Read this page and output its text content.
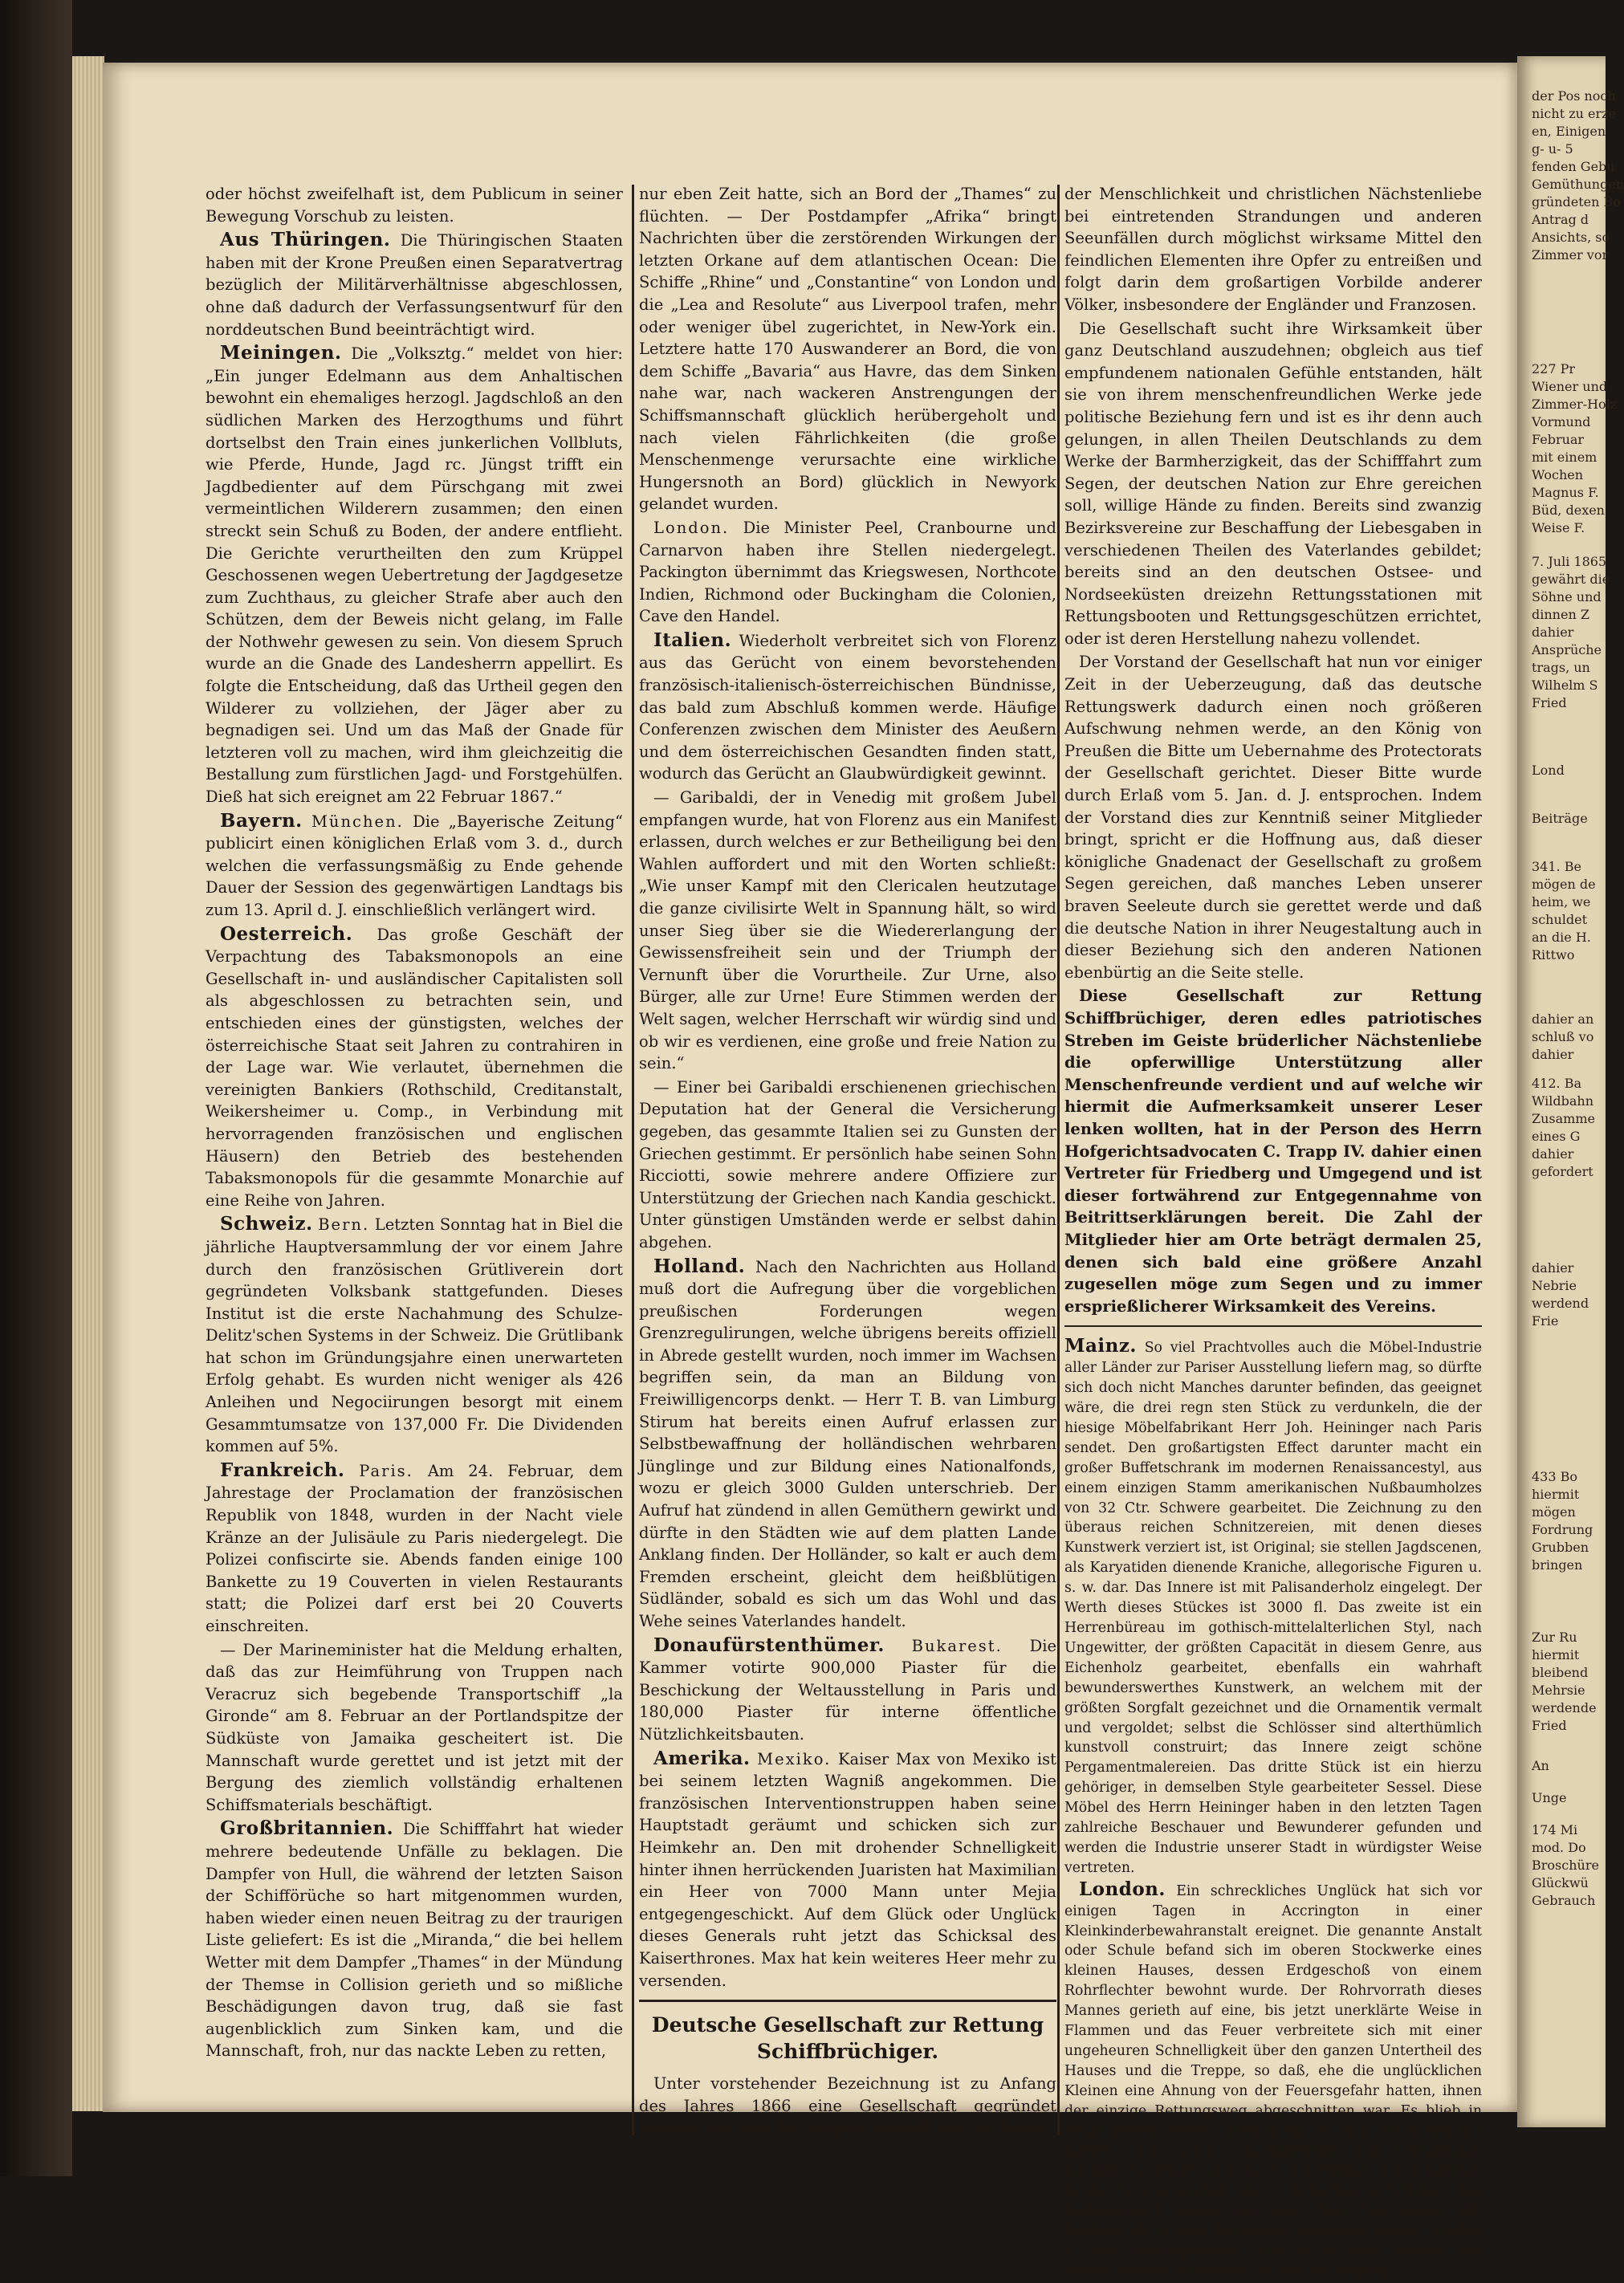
oder höchst zweifelhaft ist, dem Publicum in seiner Bewegung Vorschub zu leisten.

Aus Thüringen. Die Thüringischen Staaten haben mit der Krone Preußen einen Separatvertrag bezüglich der Militärverhältnisse abgeschlossen, ohne daß dadurch der Verfassungsentwurf für den norddeutschen Bund beeinträchtigt wird.

Meiningen. Die „Volksztg.“ meldet von hier: „Ein junger Edelmann aus dem Anhaltischen bewohnt ein ehemaliges herzogl. Jagdschloß an den südlichen Marken des Herzogthums und führt dortselbst den Train eines junkerlichen Vollbluts, wie Pferde, Hunde, Jagd rc. Jüngst trifft ein Jagdbedienter auf dem Pürschgang mit zwei vermeintlichen Wilderern zusammen; den einen streckt sein Schuß zu Boden, der andere entflieht. Die Gerichte verurtheilten den zum Krüppel Geschossenen wegen Uebertretung der Jagdgesetze zum Zuchthaus, zu gleicher Strafe aber auch den Schützen, dem der Beweis nicht gelang, im Falle der Nothwehr gewesen zu sein. Von diesem Spruch wurde an die Gnade des Landesherrn appellirt. Es folgte die Entscheidung, daß das Urtheil gegen den Wilderer zu vollziehen, der Jäger aber zu begnadigen sei. Und um das Maß der Gnade für letzteren voll zu machen, wird ihm gleichzeitig die Bestallung zum fürstlichen Jagd- und Forstgehülfen. Dieß hat sich ereignet am 22 Februar 1867.“

Bayern. München. Die „Bayerische Zeitung“ publicirt einen königlichen Erlaß vom 3. d., durch welchen die verfassungsmäßig zu Ende gehende Dauer der Session des gegenwärtigen Landtags bis zum 13. April d. J. einschließlich verlängert wird.

Oesterreich. Das große Geschäft der Verpachtung des Tabaksmonopols an eine Gesellschaft in- und ausländischer Capitalisten soll als abgeschlossen zu betrachten sein, und entschieden eines der günstigsten, welches der österreichische Staat seit Jahren zu contrahiren in der Lage war. Wie verlautet, übernehmen die vereinigten Bankiers (Rothschild, Creditanstalt, Weikersheimer u. Comp., in Verbindung mit hervorragenden französischen und englischen Häusern) den Betrieb des bestehenden Tabaksmonopols für die gesammte Monarchie auf eine Reihe von Jahren.

Schweiz. Bern. Letzten Sonntag hat in Biel die jährliche Hauptversammlung der vor einem Jahre durch den französischen Grütliverein dort gegründeten Volksbank stattgefunden. Dieses Institut ist die erste Nachahmung des Schulze-Delitz'schen Systems in der Schweiz. Die Grütlibank hat schon im Gründungsjahre einen unerwarteten Erfolg gehabt. Es wurden nicht weniger als 426 Anleihen und Negociirungen besorgt mit einem Gesammtumsatze von 137,000 Fr. Die Dividenden kommen auf 5%.

Frankreich. Paris. Am 24. Februar, dem Jahrestage der Proclamation der französischen Republik von 1848, wurden in der Nacht viele Kränze an der Julisäule zu Paris niedergelegt. Die Polizei confiscirte sie. Abends fanden einige 100 Bankette zu 19 Couverten in vielen Restaurants statt; die Polizei darf erst bei 20 Couverts einschreiten.

— Der Marineminister hat die Meldung erhalten, daß das zur Heimführung von Truppen nach Veracruz sich begebende Transportschiff „la Gironde“ am 8. Februar an der Portlandspitze der Südküste von Jamaika gescheitert ist. Die Mannschaft wurde gerettet und ist jetzt mit der Bergung des ziemlich vollständig erhaltenen Schiffsmaterials beschäftigt.

Großbritannien. Die Schifffahrt hat wieder mehrere bedeutende Unfälle zu beklagen. Die Dampfer von Hull, die während der letzten Saison der Schifförüche so hart mitgenommen wurden, haben wieder einen neuen Beitrag zu der traurigen Liste geliefert: Es ist die „Miranda,“ die bei hellem Wetter mit dem Dampfer „Thames“ in der Mündung der Themse in Collision gerieth und so mißliche Beschädigungen davon trug, daß sie fast augenblicklich zum Sinken kam, und die Mannschaft, froh, nur das nackte Leben zu retten,

nur eben Zeit hatte, sich an Bord der „Thames“ zu flüchten. — Der Postdampfer „Afrika“ bringt Nachrichten über die zerstörenden Wirkungen der letzten Orkane auf dem atlantischen Ocean: Die Schiffe „Rhine“ und „Constantine“ von London und die „Lea and Resolute“ aus Liverpool trafen, mehr oder weniger übel zugerichtet, in New-York ein. Letztere hatte 170 Auswanderer an Bord, die von dem Schiffe „Bavaria“ aus Havre, das dem Sinken nahe war, nach wackeren Anstrengungen der Schiffsmannschaft glücklich herübergeholt und nach vielen Fährlichkeiten (die große Menschenmenge verursachte eine wirkliche Hungersnoth an Bord) glücklich in Newyork gelandet wurden.

London. Die Minister Peel, Cranbourne und Carnarvon haben ihre Stellen niedergelegt. Packington übernimmt das Kriegswesen, Northcote Indien, Richmond oder Buckingham die Colonien, Cave den Handel.

Italien. Wiederholt verbreitet sich von Florenz aus das Gerücht von einem bevorstehenden französisch-italienisch-österreichischen Bündnisse, das bald zum Abschluß kommen werde. Häufige Conferenzen zwischen dem Minister des Aeußern und dem österreichischen Gesandten finden statt, wodurch das Gerücht an Glaubwürdigkeit gewinnt.

— Garibaldi, der in Venedig mit großem Jubel empfangen wurde, hat von Florenz aus ein Manifest erlassen, durch welches er zur Betheiligung bei den Wahlen auffordert und mit den Worten schließt: „Wie unser Kampf mit den Clericalen heutzutage die ganze civilisirte Welt in Spannung hält, so wird unser Sieg über sie die Wiedererlangung der Gewissensfreiheit sein und der Triumph der Vernunft über die Vorurtheile. Zur Urne, also Bürger, alle zur Urne! Eure Stimmen werden der Welt sagen, welcher Herrschaft wir würdig sind und ob wir es verdienen, eine große und freie Nation zu sein.“

— Einer bei Garibaldi erschienenen griechischen Deputation hat der General die Versicherung gegeben, das gesammte Italien sei zu Gunsten der Griechen gestimmt. Er persönlich habe seinen Sohn Ricciotti, sowie mehrere andere Offiziere zur Unterstützung der Griechen nach Kandia geschickt. Unter günstigen Umständen werde er selbst dahin abgehen.

Holland. Nach den Nachrichten aus Holland muß dort die Aufregung über die vorgeblichen preußischen Forderungen wegen Grenzregulirungen, welche übrigens bereits offiziell in Abrede gestellt wurden, noch immer im Wachsen begriffen sein, da man an Bildung von Freiwilligencorps denkt. — Herr T. B. van Limburg Stirum hat bereits einen Aufruf erlassen zur Selbstbewaffnung der holländischen wehrbaren Jünglinge und zur Bildung eines Nationalfonds, wozu er gleich 3000 Gulden unterschrieb. Der Aufruf hat zündend in allen Gemüthern gewirkt und dürfte in den Städten wie auf dem platten Lande Anklang finden. Der Holländer, so kalt er auch dem Fremden erscheint, gleicht dem heißblütigen Südländer, sobald es sich um das Wohl und das Wehe seines Vaterlandes handelt.

Donaufürstenthümer. Bukarest. Die Kammer votirte 900,000 Piaster für die Beschickung der Weltausstellung in Paris und 180,000 Piaster für interne öffentliche Nützlichkeitsbauten.

Amerika. Mexiko. Kaiser Max von Mexiko ist bei seinem letzten Wagniß angekommen. Die französischen Interventionstruppen haben seine Hauptstadt geräumt und schicken sich zur Heimkehr an. Den mit drohender Schnelligkeit hinter ihnen herrückenden Juaristen hat Maximilian ein Heer von 7000 Mann unter Mejia entgegengeschickt. Auf dem Glück oder Unglück dieses Generals ruht jetzt das Schicksal des Kaiserthrones. Max hat kein weiteres Heer mehr zu versenden.

Deutsche Gesellschaft zur Rettung Schiffbrüchiger.

Unter vorstehender Bezeichnung ist zu Anfang des Jahres 1866 eine Gesellschaft gegründet worden, die sich die Aufgabe gestellt hat, im Dienst

der Menschlichkeit und christlichen Nächstenliebe bei eintretenden Strandungen und anderen Seeunfällen durch möglichst wirksame Mittel den feindlichen Elementen ihre Opfer zu entreißen und folgt darin dem großartigen Vorbilde anderer Völker, insbesondere der Engländer und Franzosen.

Die Gesellschaft sucht ihre Wirksamkeit über ganz Deutschland auszudehnen; obgleich aus tief empfundenem nationalen Gefühle entstanden, hält sie von ihrem menschenfreundlichen Werke jede politische Beziehung fern und ist es ihr denn auch gelungen, in allen Theilen Deutschlands zu dem Werke der Barmherzigkeit, das der Schifffahrt zum Segen, der deutschen Nation zur Ehre gereichen soll, willige Hände zu finden. Bereits sind zwanzig Bezirksvereine zur Beschaffung der Liebesgaben in verschiedenen Theilen des Vaterlandes gebildet; bereits sind an den deutschen Ostsee- und Nordseeküsten dreizehn Rettungsstationen mit Rettungsbooten und Rettungsgeschützen errichtet, oder ist deren Herstellung nahezu vollendet.

Der Vorstand der Gesellschaft hat nun vor einiger Zeit in der Ueberzeugung, daß das deutsche Rettungswerk dadurch einen noch größeren Aufschwung nehmen werde, an den König von Preußen die Bitte um Uebernahme des Protectorats der Gesellschaft gerichtet. Dieser Bitte wurde durch Erlaß vom 5. Jan. d. J. entsprochen. Indem der Vorstand dies zur Kenntniß seiner Mitglieder bringt, spricht er die Hoffnung aus, daß dieser königliche Gnadenact der Gesellschaft zu großem Segen gereichen, daß manches Leben unserer braven Seeleute durch sie gerettet werde und daß die deutsche Nation in ihrer Neugestaltung auch in dieser Beziehung sich den anderen Nationen ebenbürtig an die Seite stelle.

Diese Gesellschaft zur Rettung Schiffbrüchiger, deren edles patriotisches Streben im Geiste brüderlicher Nächstenliebe die opferwillige Unterstützung aller Menschenfreunde verdient und auf welche wir hiermit die Aufmerksamkeit unserer Leser lenken wollten, hat in der Person des Herrn Hofgerichtsadvocaten C. Trapp IV. dahier einen Vertreter für Friedberg und Umgegend und ist dieser fortwährend zur Entgegennahme von Beitrittserklärungen bereit. Die Zahl der Mitglieder hier am Orte beträgt dermalen 25, denen sich bald eine größere Anzahl zugesellen möge zum Segen und zu immer ersprießlicherer Wirksamkeit des Vereins.

Mainz. So viel Prachtvolles auch die Möbel-Industrie aller Länder zur Pariser Ausstellung liefern mag, so dürfte sich doch nicht Manches darunter befinden, das geeignet wäre, die drei regn sten Stück zu verdunkeln, die der hiesige Möbelfabrikant Herr Joh. Heininger nach Paris sendet. Den großartigsten Effect darunter macht ein großer Buffetschrank im modernen Renaissancestyl, aus einem einzigen Stamm amerikanischen Nußbaumholzes von 32 Ctr. Schwere gearbeitet. Die Zeichnung zu den überaus reichen Schnitzereien, mit denen dieses Kunstwerk verziert ist, ist Original; sie stellen Jagdscenen, als Karyatiden dienende Kraniche, allegorische Figuren u. s. w. dar. Das Innere ist mit Palisanderholz eingelegt. Der Werth dieses Stückes ist 3000 fl. Das zweite ist ein Herrenbüreau im gothisch-mittelalterlichen Styl, nach Ungewitter, der größten Capacität in diesem Genre, aus Eichenholz gearbeitet, ebenfalls ein wahrhaft bewunderswerthes Kunstwerk, an welchem mit der größten Sorgfalt gezeichnet und die Ornamentik vermalt und vergoldet; selbst die Schlösser sind alterthümlich kunstvoll construirt; das Innere zeigt schöne Pergamentmalereien. Das dritte Stück ist ein hierzu gehöriger, in demselben Style gearbeiteter Sessel. Diese Möbel des Herrn Heininger haben in den letzten Tagen zahlreiche Beschauer und Bewunderer gefunden und werden die Industrie unserer Stadt in würdigster Weise vertreten.

London. Ein schreckliches Unglück hat sich vor einigen Tagen in Accrington in einer Kleinkinderbewahranstalt ereignet. Die genannte Anstalt oder Schule befand sich im oberen Stockwerke eines kleinen Hauses, dessen Erdgeschoß von einem Rohrflechter bewohnt wurde. Der Rohrvorrath dieses Mannes gerieth auf eine, bis jetzt unerklärte Weise in Flammen und das Feuer verbreitete sich mit einer ungeheuren Schnelligkeit über den ganzen Untertheil des Hauses und die Treppe, so daß, ehe die unglücklichen Kleinen eine Ahnung von der Feuersgefahr hatten, ihnen der einzige Rettungsweg abgeschnitten war. Es blieb in Folge dessen weiter nichts übrig, als sich von Außen mit Leitern dem schon rauchgefüllten und brennenden Zimmer zu nähern und durch die Fenster die entsetzten Kinder herauszuziehen und in Sicherheit zu bringen. Das Rettungswerk gelang nur zum Theil. Von gegen 100 Kindern, die in dem Schulraum zusammen waren, wurden 13 todt herausgebracht, und da es nicht gelang, des Feuers Meister zu werden, so war bei Abgang

der Pos noch
nicht zu erze
en, Einigen
g- u- 5
fenden Gebu
Gemüthungen
gründeten Bo
Antrag d
Ansichts, so
Zimmer vor
227 Pr
Wiener und
Zimmer-Holz
Vormund
Februar
mit einem
Wochen
Magnus F.
Büd, dexen
Weise F.
7. Juli 1865
gewährt die
Söhne und
dinnen Z
dahier
Ansprüche
trags, un
Wilhelm S
Fried
Lond
Beiträge
341. Be
mögen de
heim, we
schuldet
an die H.
Rittwo
dahier an
schluß vo
dahier
412. Ba
Wildbahn
Zusamme
eines G
dahier
gefordert
dahier
Nebrie
werdend
Frie
433 Bo
hiermit
mögen
Fordrung
Grubben
bringen
Zur Ru
hiermit
bleibend
Mehrsie
werdende
Fried
An
Unge
174 Mi
mod. Do
Broschüre
Glückwü
Gebrauch
